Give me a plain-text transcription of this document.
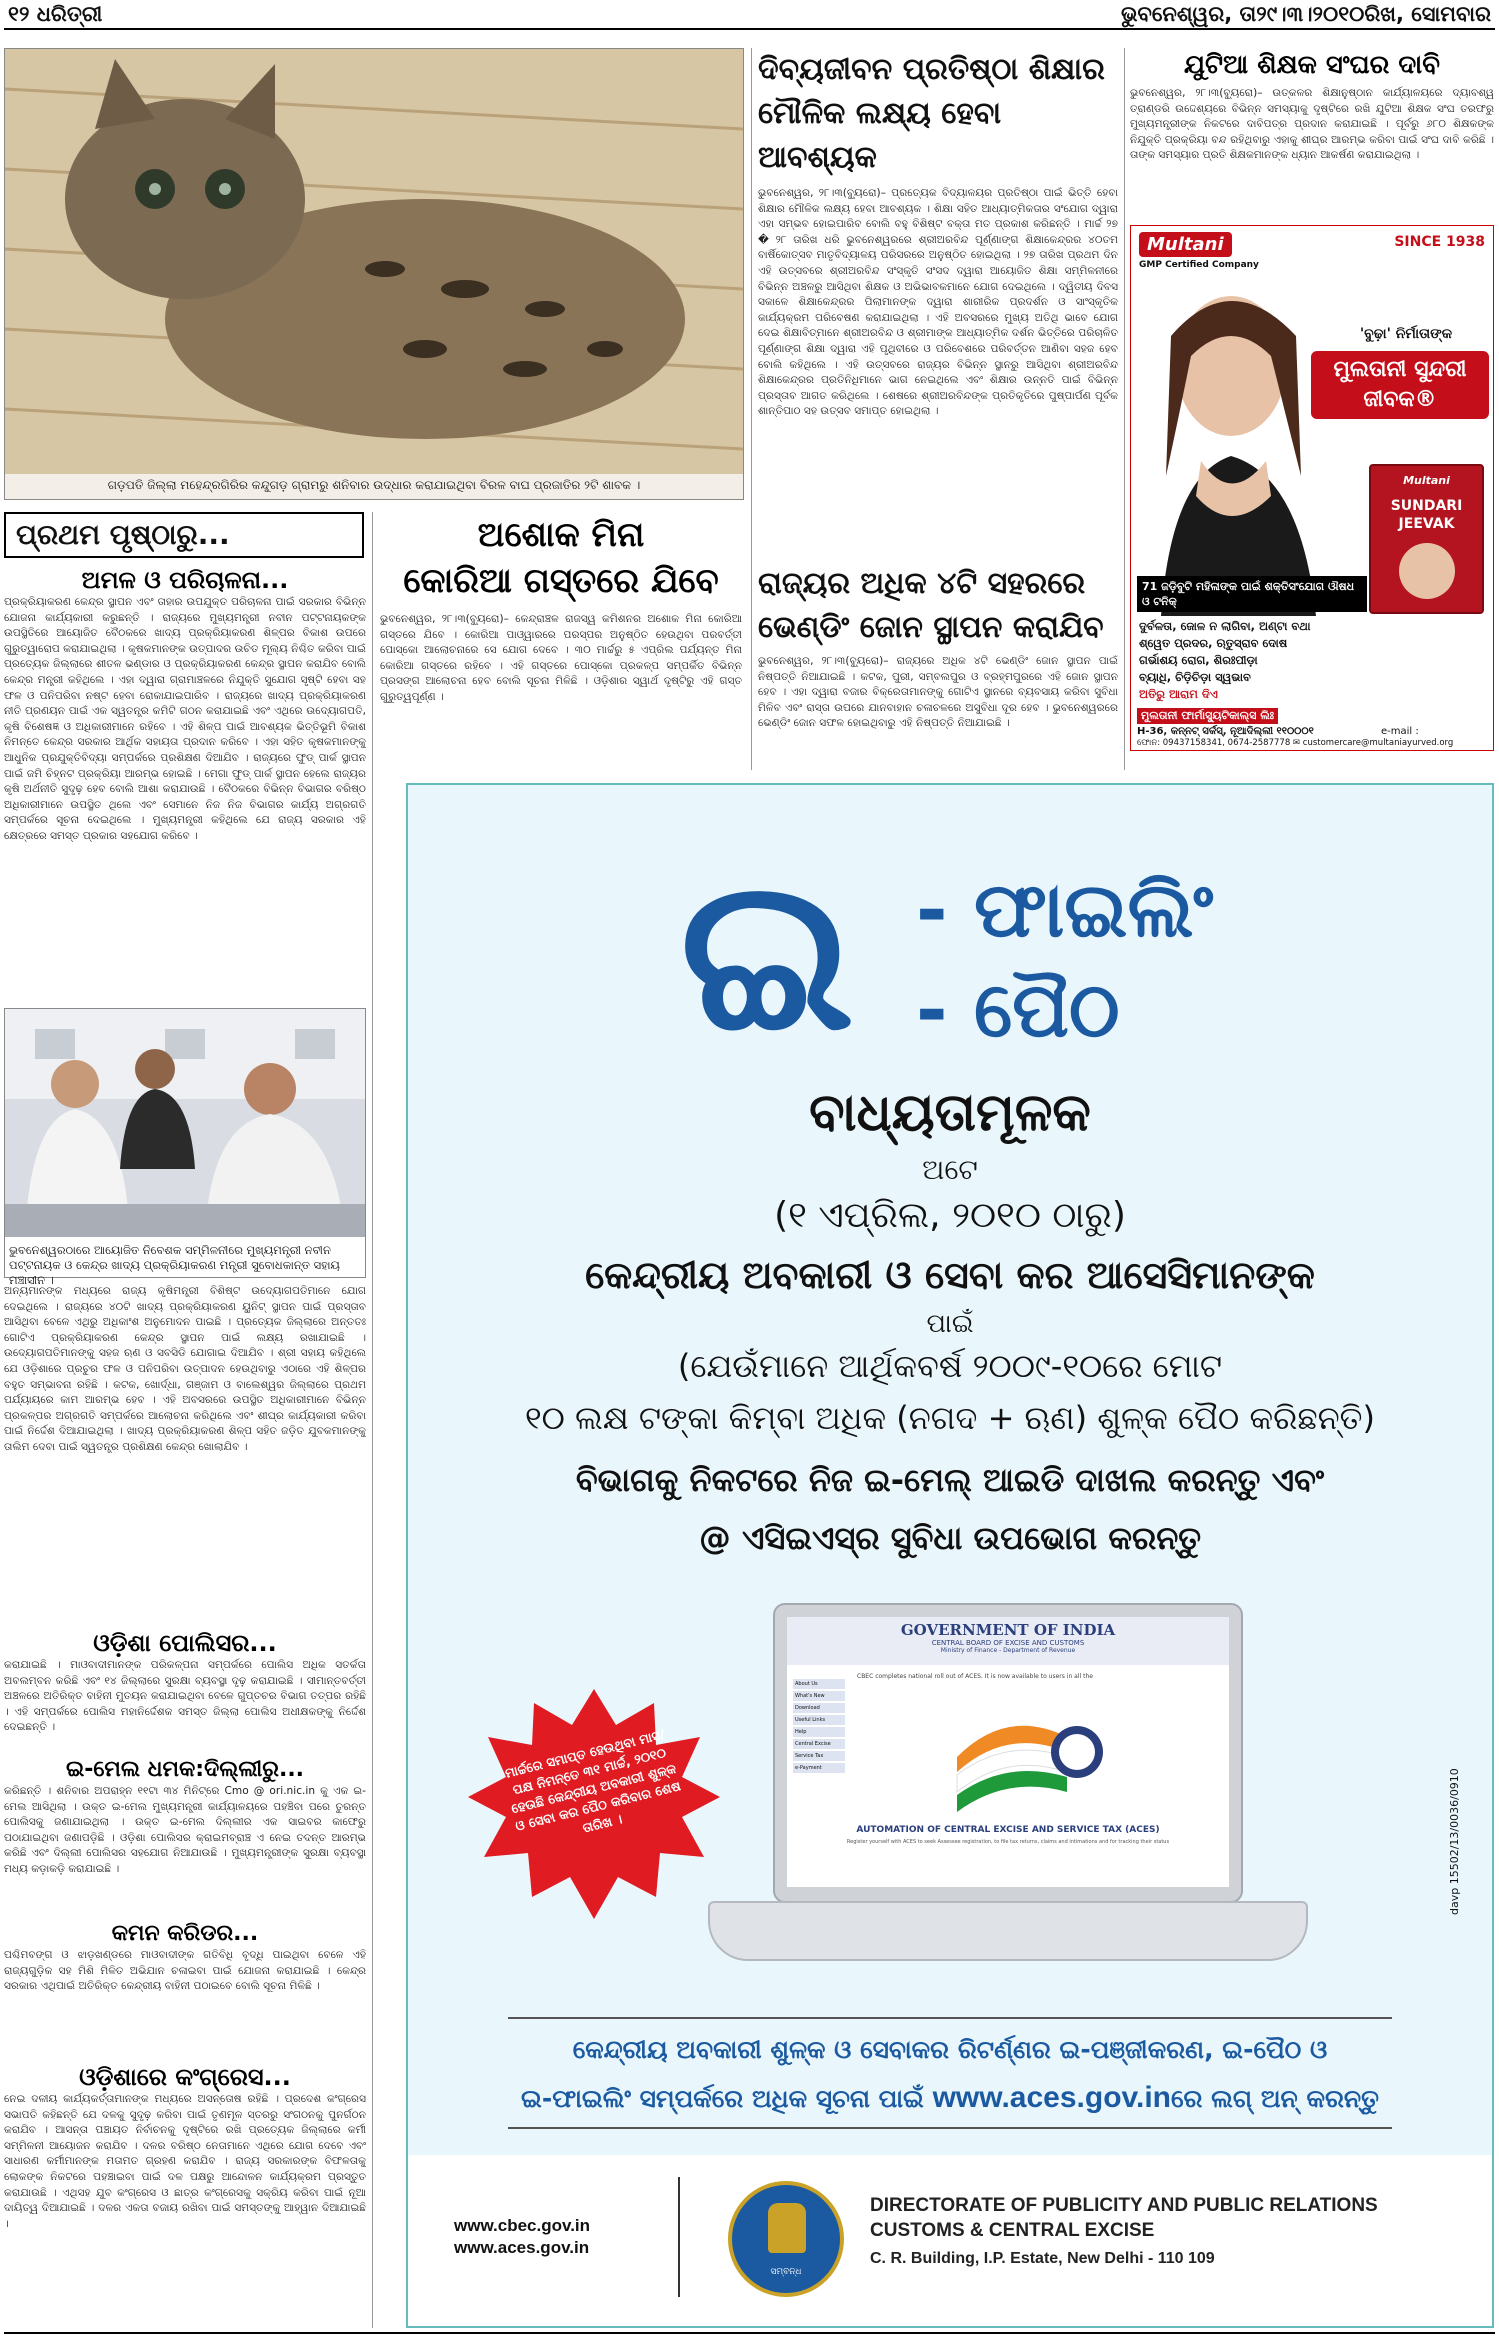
୧୨ ଧରିତ୍ରୀ	ଭୁବନେଶ୍ୱର, ତା୨୯।୩।୨୦୧୦ରିଖ, ସୋମବାର
ଗଡ଼ପତି ଜିଲ୍ଲା ମହେନ୍ଦ୍ରଗିରିର କନ୍ଦୁଗଡ଼ ଗ୍ରାମରୁ ଶନିବାର ଉଦ୍ଧାର କରାଯାଇଥିବା ବିରଳ ବାଘ ପ୍ରଜାତିର ୨ଟି ଶାବକ ।
ଦିବ୍ୟଜୀବନ ପ୍ରତିଷ୍ଠା ଶିକ୍ଷାର ମୌଳିକ ଲକ୍ଷ୍ୟ ହେବା ଆବଶ୍ୟକ
ଭୁବନେଶ୍ୱର, ୨୮।୩(ବ୍ୟୁରୋ)– ପ୍ରତ୍ୟେକ ବିଦ୍ୟାଳୟର ପ୍ରତିଷ୍ଠା ପାଇଁ ଭିତ୍ତି ହେବା ଶିକ୍ଷାର ମୌଳିକ ଲକ୍ଷ୍ୟ ହେବା ଆବଶ୍ୟକ । ଶିକ୍ଷା ସହିତ ଆଧ୍ୟାତ୍ମିକତାର ସଂଯୋଗ ଦ୍ୱାରା ଏହା ସମ୍ଭବ ହୋଇପାରିବ ବୋଲି ବହୁ ବିଶିଷ୍ଟ ବକ୍ତା ମତ ପ୍ରକାଶ କରିଛନ୍ତି । ମାର୍ଚ୍ଚ ୨୭ � ୨୮ ତାରିଖ ଧରି ଭୁବନେଶ୍ୱରରେ ଶ୍ରୀଅରବିନ୍ଦ ପୂର୍ଣ୍ଣାଙ୍ଗ ଶିକ୍ଷାକେନ୍ଦ୍ରର ୪୦ତମ ବାର୍ଷିକୋତ୍ସବ ମାତୃବିଦ୍ୟାଳୟ ପରିସରରେ ଅନୁଷ୍ଠିତ ହୋଇଥିଲା । ୨୭ ତାରିଖ ପ୍ରଥମ ଦିନ ଏହି ଉତ୍ସବରେ ଶ୍ରୀଅରବିନ୍ଦ ସଂସ୍କୃତି ସଂସଦ ଦ୍ୱାରା ଆୟୋଜିତ ଶିକ୍ଷା ସମ୍ମିଳନୀରେ ବିଭିନ୍ନ ଅଞ୍ଚଳରୁ ଆସିଥିବା ଶିକ୍ଷକ ଓ ଅଭିଭାବକମାନେ ଯୋଗ ଦେଇଥିଲେ । ଦ୍ୱିତୀୟ ଦିବସ ସକାଳେ ଶିକ୍ଷାକେନ୍ଦ୍ରର ପିଲାମାନଙ୍କ ଦ୍ୱାରା ଶାରୀରିକ ପ୍ରଦର୍ଶନ ଓ ସାଂସ୍କୃତିକ କାର୍ଯ୍ୟକ୍ରମ ପରିବେଷଣ କରାଯାଇଥିଲା । ଏହି ଅବସରରେ ମୁଖ୍ୟ ଅତିଥି ଭାବେ ଯୋଗ ଦେଇ ଶିକ୍ଷାବିତ୍ମାନେ ଶ୍ରୀଅରବିନ୍ଦ ଓ ଶ୍ରୀମାଙ୍କ ଆଧ୍ୟାତ୍ମିକ ଦର୍ଶନ ଭିତ୍ତିରେ ପରିଚାଳିତ ପୂର୍ଣ୍ଣାଙ୍ଗ ଶିକ୍ଷା ଦ୍ୱାରା ଏହି ପୃଥିବୀରେ ଓ ପରିବେଶରେ ପରିବର୍ତ୍ତନ ଆଣିବା ସହଜ ହେବ ବୋଲି କହିଥିଲେ । ଏହି ଉତ୍ସବରେ ରାଜ୍ୟର ବିଭିନ୍ନ ସ୍ଥାନରୁ ଆସିଥିବା ଶ୍ରୀଅରବିନ୍ଦ ଶିକ୍ଷାକେନ୍ଦ୍ରର ପ୍ରତିନିଧିମାନେ ଭାଗ ନେଇଥିଲେ ଏବଂ ଶିକ୍ଷାର ଉନ୍ନତି ପାଇଁ ବିଭିନ୍ନ ପ୍ରସ୍ତାବ ଆଗତ କରିଥିଲେ । ଶେଷରେ ଶ୍ରୀଅରବିନ୍ଦଙ୍କ ପ୍ରତିକୃତିରେ ପୁଷ୍ପାର୍ପଣ ପୂର୍ବକ ଶାନ୍ତିପାଠ ସହ ଉତ୍ସବ ସମାପ୍ତ ହୋଇଥିଲା ।
ଯୁଟିଆ ଶିକ୍ଷକ ସଂଘର ଦାବି
ଭୁବନେଶ୍ୱର, ୨୮।୩(ବ୍ୟୁରୋ)– ଉତ୍କଳର ଶିକ୍ଷାନୁଷ୍ଠାନ କାର୍ଯ୍ୟାଳୟରେ ଦ୍ୟାବଶ୍ୱ ତ୍ରାଣ୍ଡରି ଉଦ୍ଦେଶ୍ୟରେ ବିଭିନ୍ନ ସମସ୍ୟାକୁ ଦୃଷ୍ଟିରେ ରଖି ଯୁଟିଆ ଶିକ୍ଷକ ସଂଘ ତରଫରୁ ମୁଖ୍ୟମନ୍ତ୍ରୀଙ୍କ ନିକଟରେ ଦାବିପତ୍ର ପ୍ରଦାନ କରାଯାଇଛି । ପୂର୍ବରୁ ୬୮୦ ଶିକ୍ଷକଙ୍କ ନିଯୁକ୍ତି ପ୍ରକ୍ରିୟା ବନ୍ଦ ରହିଥିବାରୁ ଏହାକୁ ଶୀଘ୍ର ଆରମ୍ଭ କରିବା ପାଇଁ ସଂଘ ଦାବି କରିଛି । ତାଙ୍କ ସମସ୍ୟାର ପ୍ରତି ଶିକ୍ଷକମାନଙ୍କ ଧ୍ୟାନ ଆକର୍ଷଣ କରାଯାଇଥିଲା ।
Multani
GMP Certified Company
SINCE 1938
'ବୁଢ଼ା' ନିର୍ମାତାଙ୍କ
ମୁଲତାନୀ ସୁନ୍ଦରୀ ଜୀବକ®
Multani
SUNDARI JEEVAK
71 ଜଡ଼ିବୁଟି ମହିଳାଙ୍କ ପାଇଁ ଶକ୍ତିସଂଯୋଗ ଔଷଧ ଓ ଟନିକ୍
ଦୁର୍ବଳତା, ଜୋଳ ନ ଲାଗିବା, ଅଣ୍ଟା ବଥା
ଶ୍ୱେତ ପ୍ରଦର, ଋତୁସ୍ରାବ ଦୋଷ
ଗର୍ଭାଶୟ ରୋଗ, ଶିରଃପୀଡ଼ା
ବ୍ୟାଧି, ଚିଡ଼ିଚିଡ଼ା ସ୍ୱଭାବ
ଅତିରୁ ଆରାମ ଦିଏ
ମୁଲତାନୀ ଫାର୍ମାସ୍ୟୁଟିକାଲ୍ସ ଲିଃ
H-36, କନ୍ନଟ୍ ସର୍କସ୍, ନୂଆଦିଲ୍ଲୀ ୧୧୦୦୦୧	e-mail :
ଫୋନ: 09437158341, 0674-2587778 ✉ customercare@multaniayurved.org
ପ୍ରଥମ ପୃଷ୍ଠାରୁ...
ଅମଳ ଓ ପରିଚାଳନା...
ପ୍ରକ୍ରିୟାକରଣ କେନ୍ଦ୍ର ସ୍ଥାପନ ଏବଂ ତାହାର ଉପଯୁକ୍ତ ପରିଚାଳନା ପାଇଁ ସରକାର ବିଭିନ୍ନ ଯୋଜନା କାର୍ଯ୍ୟକାରୀ କରୁଛନ୍ତି । ରାଜ୍ୟରେ ମୁଖ୍ୟମନ୍ତ୍ରୀ ନବୀନ ପଟ୍ଟନାୟକଙ୍କ ଉପସ୍ଥିତିରେ ଆୟୋଜିତ ବୈଠକରେ ଖାଦ୍ୟ ପ୍ରକ୍ରିୟାକରଣ ଶିଳ୍ପର ବିକାଶ ଉପରେ ଗୁରୁତ୍ୱାରୋପ କରାଯାଇଥିଲା । କୃଷକମାନଙ୍କ ଉତ୍ପାଦର ଉଚିତ ମୂଲ୍ୟ ନିଶ୍ଚିତ କରିବା ପାଇଁ ପ୍ରତ୍ୟେକ ଜିଲ୍ଲାରେ ଶୀତଳ ଭଣ୍ଡାର ଓ ପ୍ରକ୍ରିୟାକରଣ କେନ୍ଦ୍ର ସ୍ଥାପନ କରାଯିବ ବୋଲି କେନ୍ଦ୍ର ମନ୍ତ୍ରୀ କହିଥିଲେ । ଏହା ଦ୍ୱାରା ଗ୍ରାମାଞ୍ଚଳରେ ନିଯୁକ୍ତି ସୁଯୋଗ ସୃଷ୍ଟି ହେବା ସହ ଫଳ ଓ ପନିପରିବା ନଷ୍ଟ ହେବା ରୋକାଯାଇପାରିବ । ରାଜ୍ୟରେ ଖାଦ୍ୟ ପ୍ରକ୍ରିୟାକରଣ ନୀତି ପ୍ରଣୟନ ପାଇଁ ଏକ ସ୍ୱତନ୍ତ୍ର କମିଟି ଗଠନ କରାଯାଇଛି ଏବଂ ଏଥିରେ ଉଦ୍ୟୋଗପତି, କୃଷି ବିଶେଷଜ୍ଞ ଓ ଅଧିକାରୀମାନେ ରହିବେ । ଏହି ଶିଳ୍ପ ପାଇଁ ଆବଶ୍ୟକ ଭିତ୍ତିଭୂମି ବିକାଶ ନିମନ୍ତେ କେନ୍ଦ୍ର ସରକାର ଆର୍ଥିକ ସହାୟତା ପ୍ରଦାନ କରିବେ । ଏହା ସହିତ କୃଷକମାନଙ୍କୁ ଆଧୁନିକ ପ୍ରଯୁକ୍ତିବିଦ୍ୟା ସମ୍ପର୍କରେ ପ୍ରଶିକ୍ଷଣ ଦିଆଯିବ । ରାଜ୍ୟରେ ଫୁଡ୍ ପାର୍କ ସ୍ଥାପନ ପାଇଁ ଜମି ଚିହ୍ନଟ ପ୍ରକ୍ରିୟା ଆରମ୍ଭ ହୋଇଛି । ମେଗା ଫୁଡ୍ ପାର୍କ ସ୍ଥାପନ ହେଲେ ରାଜ୍ୟର କୃଷି ଅର୍ଥନୀତି ସୁଦୃଢ଼ ହେବ ବୋଲି ଆଶା କରାଯାଉଛି । ବୈଠକରେ ବିଭିନ୍ନ ବିଭାଗର ବରିଷ୍ଠ ଅଧିକାରୀମାନେ ଉପସ୍ଥିତ ଥିଲେ ଏବଂ ସେମାନେ ନିଜ ନିଜ ବିଭାଗର କାର୍ଯ୍ୟ ଅଗ୍ରଗତି ସମ୍ପର୍କରେ ସୂଚନା ଦେଇଥିଲେ । ମୁଖ୍ୟମନ୍ତ୍ରୀ କହିଥିଲେ ଯେ ରାଜ୍ୟ ସରକାର ଏହି କ୍ଷେତ୍ରରେ ସମସ୍ତ ପ୍ରକାର ସହଯୋଗ କରିବେ ।
ଭୁବନେଶ୍ୱରଠାରେ ଆୟୋଜିତ ନିବେଶକ ସମ୍ମିଳନୀରେ ମୁଖ୍ୟମନ୍ତ୍ରୀ ନବୀନ ପଟ୍ଟନାୟକ ଓ କେନ୍ଦ୍ର ଖାଦ୍ୟ ପ୍ରକ୍ରିୟାକରଣ ମନ୍ତ୍ରୀ ସୁବୋଧକାନ୍ତ ସହାୟ ମଞ୍ଚାସୀନ ।
ଅନ୍ୟମାନଙ୍କ ମଧ୍ୟରେ ରାଜ୍ୟ କୃଷିମନ୍ତ୍ରୀ ବିଶିଷ୍ଟ ଉଦ୍ୟୋଗପତିମାନେ ଯୋଗ ଦେଇଥିଲେ । ରାଜ୍ୟରେ ୪୦ଟି ଖାଦ୍ୟ ପ୍ରକ୍ରିୟାକରଣ ୟୁନିଟ୍ ସ୍ଥାପନ ପାଇଁ ପ୍ରସ୍ତାବ ଆସିଥିବା ବେଳେ ଏଥିରୁ ଅଧିକାଂଶ ଅନୁମୋଦନ ପାଇଛି । ପ୍ରତ୍ୟେକ ଜିଲ୍ଲାରେ ଅନ୍ତତଃ ଗୋଟିଏ ପ୍ରକ୍ରିୟାକରଣ କେନ୍ଦ୍ର ସ୍ଥାପନ ପାଇଁ ଲକ୍ଷ୍ୟ ରଖାଯାଇଛି । ଉଦ୍ୟୋଗପତିମାନଙ୍କୁ ସହଜ ଋଣ ଓ ସବସିଡି ଯୋଗାଇ ଦିଆଯିବ । ଶ୍ରୀ ସହାୟ କହିଥିଲେ ଯେ ଓଡ଼ିଶାରେ ପ୍ରଚୁର ଫଳ ଓ ପନିପରିବା ଉତ୍ପାଦନ ହେଉଥିବାରୁ ଏଠାରେ ଏହି ଶିଳ୍ପର ବହୁତ ସମ୍ଭାବନା ରହିଛି । କଟକ, ଖୋର୍ଦ୍ଧା, ଗଞ୍ଜାମ ଓ ବାଲେଶ୍ୱର ଜିଲ୍ଲାରେ ପ୍ରଥମ ପର୍ଯ୍ୟାୟରେ କାମ ଆରମ୍ଭ ହେବ । ଏହି ଅବସରରେ ଉପସ୍ଥିତ ଅଧିକାରୀମାନେ ବିଭିନ୍ନ ପ୍ରକଳ୍ପର ଅଗ୍ରଗତି ସମ୍ପର୍କରେ ଆଲୋଚନା କରିଥିଲେ ଏବଂ ଶୀଘ୍ର କାର୍ଯ୍ୟକାରୀ କରିବା ପାଇଁ ନିର୍ଦ୍ଦେଶ ଦିଆଯାଇଥିଲା । ଖାଦ୍ୟ ପ୍ରକ୍ରିୟାକରଣ ଶିଳ୍ପ ସହିତ ଜଡ଼ିତ ଯୁବକମାନଙ୍କୁ ତାଲିମ ଦେବା ପାଇଁ ସ୍ୱତନ୍ତ୍ର ପ୍ରଶିକ୍ଷଣ କେନ୍ଦ୍ର ଖୋଲାଯିବ ।
ଓଡ଼ିଶା ପୋଲିସର...
କରାଯାଇଛି । ମାଓବାଦୀମାନଙ୍କ ପରିକଳ୍ପନା ସମ୍ପର୍କରେ ପୋଲିସ ଅଧିକ ସତର୍କତା ଅବଲମ୍ବନ କରିଛି ଏବଂ ୧୪ ଜିଲ୍ଲାରେ ସୁରକ୍ଷା ବ୍ୟବସ୍ଥା ଦୃଢ଼ କରାଯାଇଛି । ସୀମାନ୍ତବର୍ତ୍ତୀ ଅଞ୍ଚଳରେ ଅତିରିକ୍ତ ବାହିନୀ ମୁତୟନ କରାଯାଇଥିବା ବେଳେ ଗୁପ୍ତଚର ବିଭାଗ ତତ୍ପର ରହିଛି । ଏହି ସମ୍ପର୍କରେ ପୋଲିସ ମହାନିର୍ଦ୍ଦେଶକ ସମସ୍ତ ଜିଲ୍ଲା ପୋଲିସ ଅଧୀକ୍ଷକଙ୍କୁ ନିର୍ଦ୍ଦେଶ ଦେଇଛନ୍ତି ।
ଇ-ମେଲ ଧମକ:ଦିଲ୍ଲୀରୁ...
କରିଛନ୍ତି । ଶନିବାର ଅପରାହ୍ନ ୧୧ଟା ୩୪ ମିନିଟ୍‌ରେ Cmo @ ori.nic.in କୁ ଏକ ଇ-ମେଲ ଆସିଥିଲା । ଉକ୍ତ ଇ-ମେଲ ମୁଖ୍ୟମନ୍ତ୍ରୀ କାର୍ଯ୍ୟାଳୟରେ ପହଞ୍ଚିବା ପରେ ତୁରନ୍ତ ପୋଲିସକୁ ଜଣାଯାଇଥିଲା । ଉକ୍ତ ଇ-ମେଲ ଦିଲ୍ଲୀର ଏକ ସାଇବର କାଫେରୁ ପଠାଯାଇଥିବା ଜଣାପଡ଼ିଛି । ଓଡ଼ିଶା ପୋଲିସର କ୍ରାଇମବ୍ରାଞ୍ଚ ଏ ନେଇ ତଦନ୍ତ ଆରମ୍ଭ କରିଛି ଏବଂ ଦିଲ୍ଲୀ ପୋଲିସର ସହଯୋଗ ନିଆଯାଉଛି । ମୁଖ୍ୟମନ୍ତ୍ରୀଙ୍କ ସୁରକ୍ଷା ବ୍ୟବସ୍ଥା ମଧ୍ୟ କଡ଼ାକଡ଼ି କରାଯାଇଛି ।
କମନ କରିଡର...
ପଶ୍ଚିମବଙ୍ଗ ଓ ଝାଡ଼ଖଣ୍ଡରେ ମାଓବାଦୀଙ୍କ ଗତିବିଧି ବୃଦ୍ଧି ପାଇଥିବା ବେଳେ ଏହି ରାଜ୍ୟଗୁଡ଼ିକ ସହ ମିଶି ମିଳିତ ଅଭିଯାନ ଚଳାଇବା ପାଇଁ ଯୋଜନା କରାଯାଇଛି । କେନ୍ଦ୍ର ସରକାର ଏଥିପାଇଁ ଅତିରିକ୍ତ କେନ୍ଦ୍ରୀୟ ବାହିନୀ ପଠାଇବେ ବୋଲି ସୂଚନା ମିଳିଛି ।
ଓଡ଼ିଶାରେ କଂଗ୍ରେସ...
ନେଇ ଦଳୀୟ କାର୍ଯ୍ୟକର୍ତ୍ତାମାନଙ୍କ ମଧ୍ୟରେ ଅସନ୍ତୋଷ ରହିଛି । ପ୍ରଦେଶ କଂଗ୍ରେସ ସଭାପତି କହିଛନ୍ତି ଯେ ଦଳକୁ ସୁଦୃଢ଼ କରିବା ପାଇଁ ତୃଣମୂଳ ସ୍ତରରୁ ସଂଗଠନକୁ ପୁନର୍ଗଠନ କରାଯିବ । ଆସନ୍ତା ପଞ୍ଚାୟତ ନିର୍ବାଚନକୁ ଦୃଷ୍ଟିରେ ରଖି ପ୍ରତ୍ୟେକ ଜିଲ୍ଲାରେ କର୍ମୀ ସମ୍ମିଳନୀ ଆୟୋଜନ କରାଯିବ । ଦଳର ବରିଷ୍ଠ ନେତାମାନେ ଏଥିରେ ଯୋଗ ଦେବେ ଏବଂ ସାଧାରଣ କର୍ମୀମାନଙ୍କ ମତାମତ ଗ୍ରହଣ କରାଯିବ । ରାଜ୍ୟ ସରକାରଙ୍କ ବିଫଳତାକୁ ଲୋକଙ୍କ ନିକଟରେ ପହଞ୍ଚାଇବା ପାଇଁ ଦଳ ପକ୍ଷରୁ ଆନ୍ଦୋଳନ କାର୍ଯ୍ୟକ୍ରମ ପ୍ରସ୍ତୁତ କରାଯାଉଛି । ଏଥିସହ ଯୁବ କଂଗ୍ରେସ ଓ ଛାତ୍ର କଂଗ୍ରେସକୁ ସକ୍ରିୟ କରିବା ପାଇଁ ନୂଆ ଦାୟିତ୍ୱ ଦିଆଯାଇଛି । ଦଳର ଏକତା ବଜାୟ ରଖିବା ପାଇଁ ସମସ୍ତଙ୍କୁ ଆହ୍ୱାନ ଦିଆଯାଇଛି ।
ଅଶୋକ ମିନା
କୋରିଆ ଗସ୍ତରେ ଯିବେ
ଭୁବନେଶ୍ୱର, ୨୮।୩(ବ୍ୟୁରୋ)– କେନ୍ଦ୍ରାଞ୍ଚଳ ରାଜସ୍ୱ କମିଶନର ଅଶୋକ ମିନା କୋରିଆ ଗସ୍ତରେ ଯିବେ । କୋରିଆ ପାଓ୍ୱାରରେ ପରସ୍ପର ଅନୁଷ୍ଠିତ ହେଉଥିବା ପରବର୍ତ୍ତୀ ପୋସ୍କୋ ଆଲୋଚନାରେ ସେ ଯୋଗ ଦେବେ । ୩୦ ମାର୍ଚ୍ଚରୁ ୫ ଏପ୍ରିଲ ପର୍ଯ୍ୟନ୍ତ ମିନା କୋରିଆ ଗସ୍ତରେ ରହିବେ । ଏହି ଗସ୍ତରେ ପୋସ୍କୋ ପ୍ରକଳ୍ପ ସମ୍ପର୍କିତ ବିଭିନ୍ନ ପ୍ରସଙ୍ଗ ଆଲୋଚନା ହେବ ବୋଲି ସୂଚନା ମିଳିଛି । ଓଡ଼ିଶାର ସ୍ୱାର୍ଥ ଦୃଷ୍ଟିରୁ ଏହି ଗସ୍ତ ଗୁରୁତ୍ୱପୂର୍ଣ୍ଣ ।
ରାଜ୍ୟର ଅଧିକ ୪ଟି ସହରରେ
ଭେଣ୍ଡିଂ ଜୋନ ସ୍ଥାପନ କରାଯିବ
ଭୁବନେଶ୍ୱର, ୨୮।୩(ବ୍ୟୁରୋ)– ରାଜ୍ୟରେ ଅଧିକ ୪ଟି ଭେଣ୍ଡିଂ ଜୋନ ସ୍ଥାପନ ପାଇଁ ନିଷ୍ପତ୍ତି ନିଆଯାଇଛି । କଟକ, ପୁରୀ, ସମ୍ବଲପୁର ଓ ବ୍ରହ୍ମପୁରରେ ଏହି ଜୋନ ସ୍ଥାପନ ହେବ । ଏହା ଦ୍ୱାରା ବଜାର ବିକ୍ରେତାମାନଙ୍କୁ ଗୋଟିଏ ସ୍ଥାନରେ ବ୍ୟବସାୟ କରିବା ସୁବିଧା ମିଳିବ ଏବଂ ରାସ୍ତା ଉପରେ ଯାନବାହାନ ଚଳାଚଳରେ ଅସୁବିଧା ଦୂର ହେବ । ଭୁବନେଶ୍ୱରରେ ଭେଣ୍ଡିଂ ଜୋନ ସଫଳ ହୋଇଥିବାରୁ ଏହି ନିଷ୍ପତ୍ତି ନିଆଯାଇଛି ।
ଇ - ଫାଇଲିଂ
- ପୈଠ
ବାଧ୍ୟତାମୂଳକ
ଅଟେ
(୧ ଏପ୍ରିଲ, ୨୦୧୦ ଠାରୁ)
କେନ୍ଦ୍ରୀୟ ଅବକାରୀ ଓ ସେବା କର ଆସେସିମାନଙ୍କ
ପାଇଁ
(ଯେଉଁମାନେ ଆର୍ଥିକବର୍ଷ ୨୦୦୯-୧୦ରେ ମୋଟ
୧୦ ଲକ୍ଷ ଟଙ୍କା କିମ୍ବା ଅଧିକ (ନଗଦ + ଋଣ) ଶୁଳ୍କ ପୈଠ କରିଛନ୍ତି)
ବିଭାଗକୁ ନିକଟରେ ନିଜ ଇ-ମେଲ୍ ଆଇଡି ଦାଖଲ କରନ୍ତୁ ଏବଂ
@ ଏସିଇଏସ୍‌ର ସୁବିଧା ଉପଭୋଗ କରନ୍ତୁ
GOVERNMENT OF INDIA
CENTRAL BOARD OF EXCISE AND CUSTOMS
Ministry of Finance - Department of Revenue
About Us
What's New
Download
Useful Links
Help
Central Excise
Service Tax
e-Payment
CBEC completes national roll out of ACES. It is now available to users in all the
AUTOMATION OF CENTRAL EXCISE AND SERVICE TAX (ACES)
Register yourself with ACES to seek Assessee registration, to file tax returns, claims and intimations and for tracking their status
ମାର୍ଚ୍ଚରେ ସମାପ୍ତ ହେଉଥିବା ମାସ/ପକ୍ଷ ନିମନ୍ତେ ୩୧ ମାର୍ଚ୍ଚ, ୨୦୧୦ ହେଉଛି କେନ୍ଦ୍ରୀୟ ଅବକାରୀ ଶୁଳ୍କ ଓ ସେବା କର ପୈଠ କରିବାର ଶେଷ ତାରିଖ ।	davp 15502/13/0036/0910
କେନ୍ଦ୍ରୀୟ ଅବକାରୀ ଶୁଳ୍କ ଓ ସେବାକର ରିଟର୍ଣ୍ଣର ଇ-ପଞ୍ଜୀକରଣ, ଇ-ପୈଠ ଓ
ଇ-ଫାଇଲିଂ ସମ୍ପର୍କରେ ଅଧିକ ସୂଚନା ପାଇଁ www.aces.gov.inରେ ଲଗ୍ ଅନ୍ କରନ୍ତୁ
www.cbec.gov.in
www.aces.gov.in
ସମ୍ବନ୍ଧ
DIRECTORATE OF PUBLICITY AND PUBLIC RELATIONS
CUSTOMS & CENTRAL EXCISE
C. R. Building, I.P. Estate, New Delhi - 110 109
